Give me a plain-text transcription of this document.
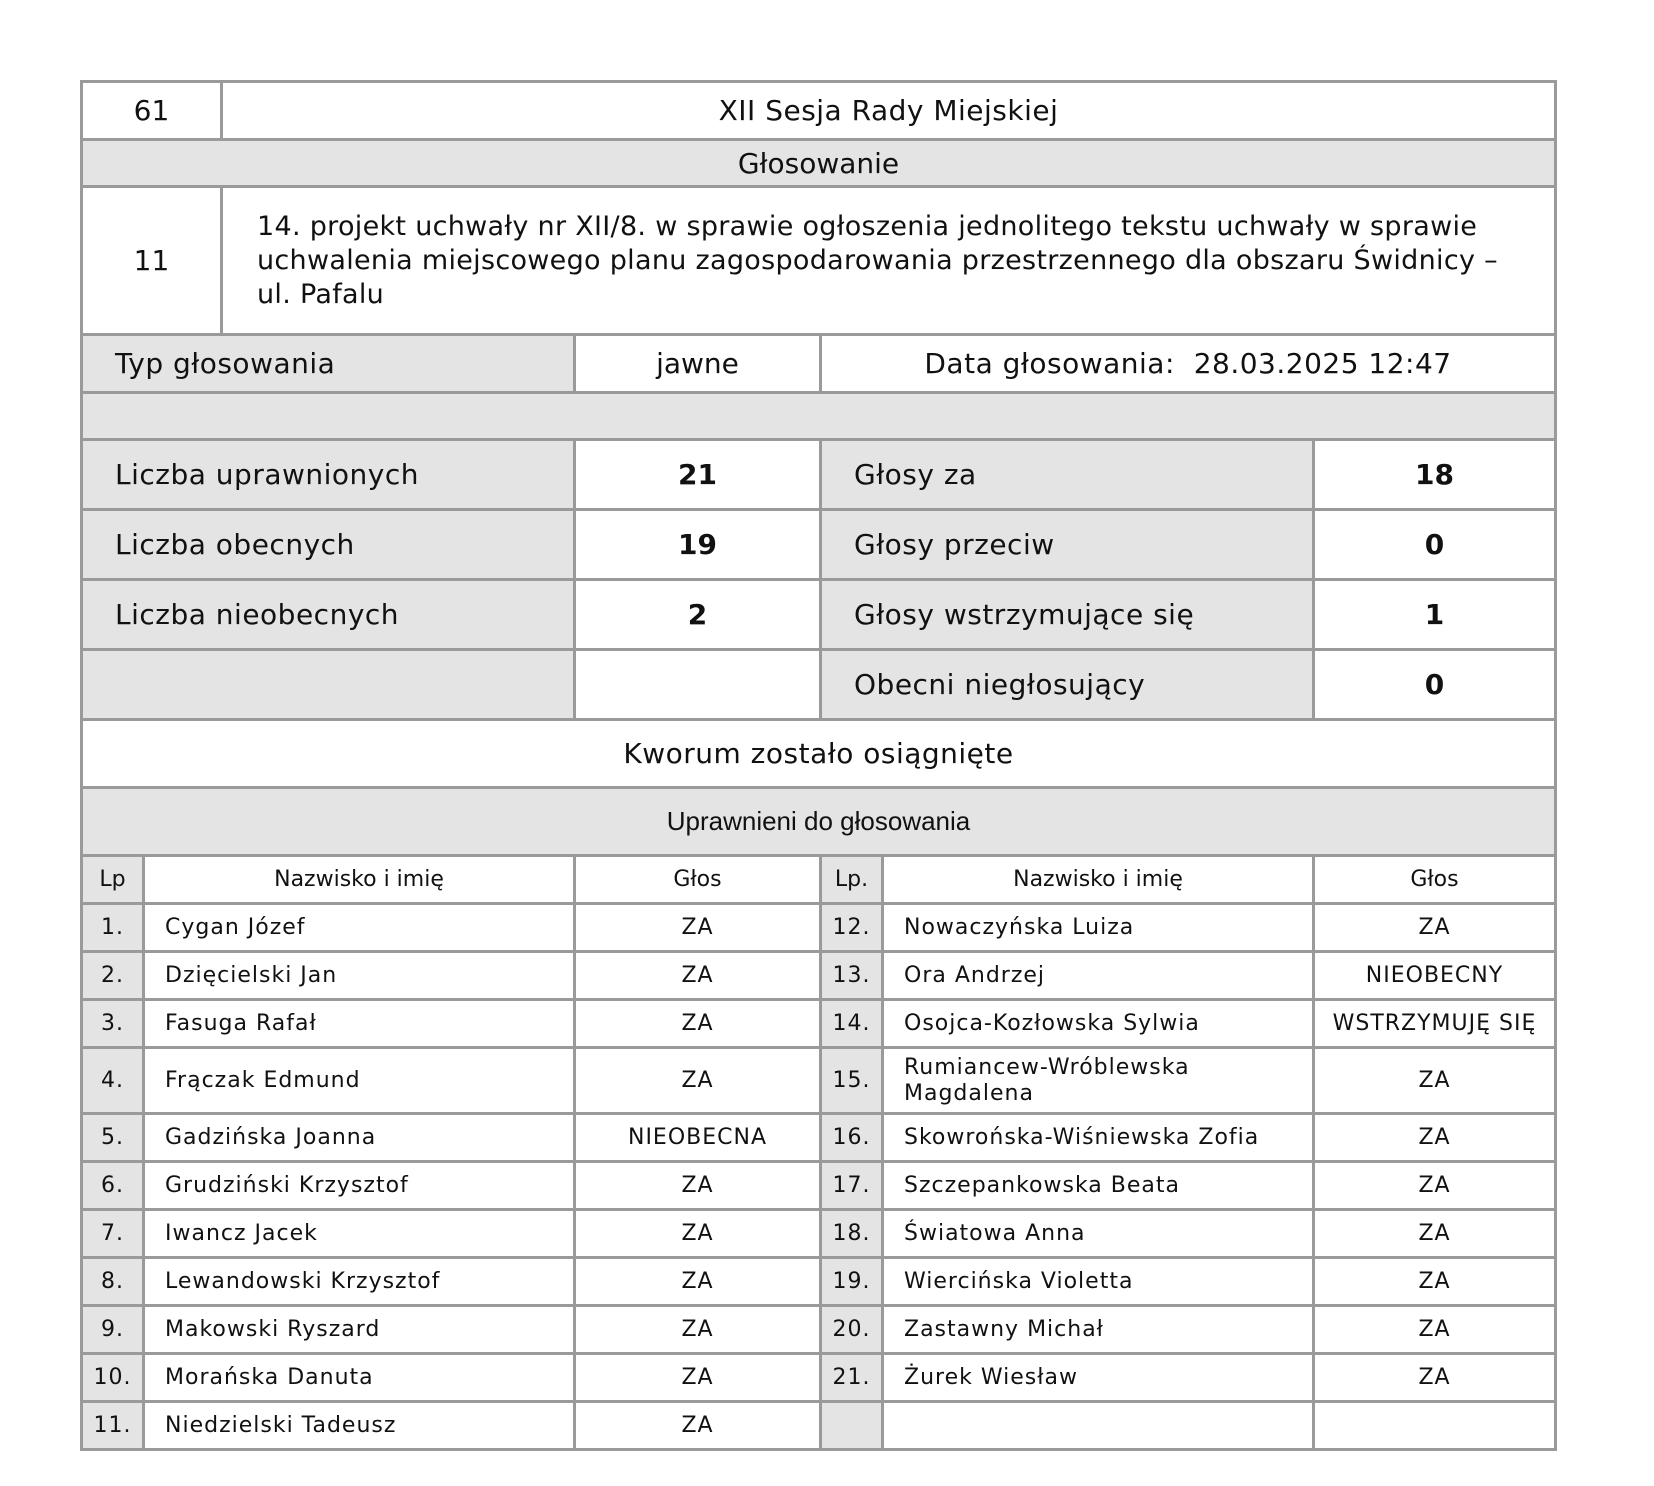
61	XII Sesja Rady Miejskiej
Głosowanie
11	14. projekt uchwały nr XII/8. w sprawie ogłoszenia jednolitego tekstu uchwały w sprawie uchwalenia miejscowego planu zagospodarowania przestrzennego dla obszaru Świdnicy – ul. Pafalu
Typ głosowania	jawne	Data głosowania: 28.03.2025 12:47
Liczba uprawnionych	21	Głosy za	18
Liczba obecnych	19	Głosy przeciw	0
Liczba nieobecnych	2	Głosy wstrzymujące się	1
		Obecni niegłosujący	0
Kworum zostało osiągnięte
Uprawnieni do głosowania
Lp	Nazwisko i imię	Głos	Lp.	Nazwisko i imię	Głos
1.	Cygan Józef	ZA	12.	Nowaczyńska Luiza	ZA
2.	Dzięcielski Jan	ZA	13.	Ora Andrzej	NIEOBECNY
3.	Fasuga Rafał	ZA	14.	Osojca-Kozłowska Sylwia	WSTRZYMUJĘ SIĘ
4.	Frączak Edmund	ZA	15.	Rumiancew-Wróblewska Magdalena	ZA
5.	Gadzińska Joanna	NIEOBECNA	16.	Skowrońska-Wiśniewska Zofia	ZA
6.	Grudziński Krzysztof	ZA	17.	Szczepankowska Beata	ZA
7.	Iwancz Jacek	ZA	18.	Światowa Anna	ZA
8.	Lewandowski Krzysztof	ZA	19.	Wiercińska Violetta	ZA
9.	Makowski Ryszard	ZA	20.	Zastawny Michał	ZA
10.	Morańska Danuta	ZA	21.	Żurek Wiesław	ZA
11.	Niedzielski Tadeusz	ZA			
